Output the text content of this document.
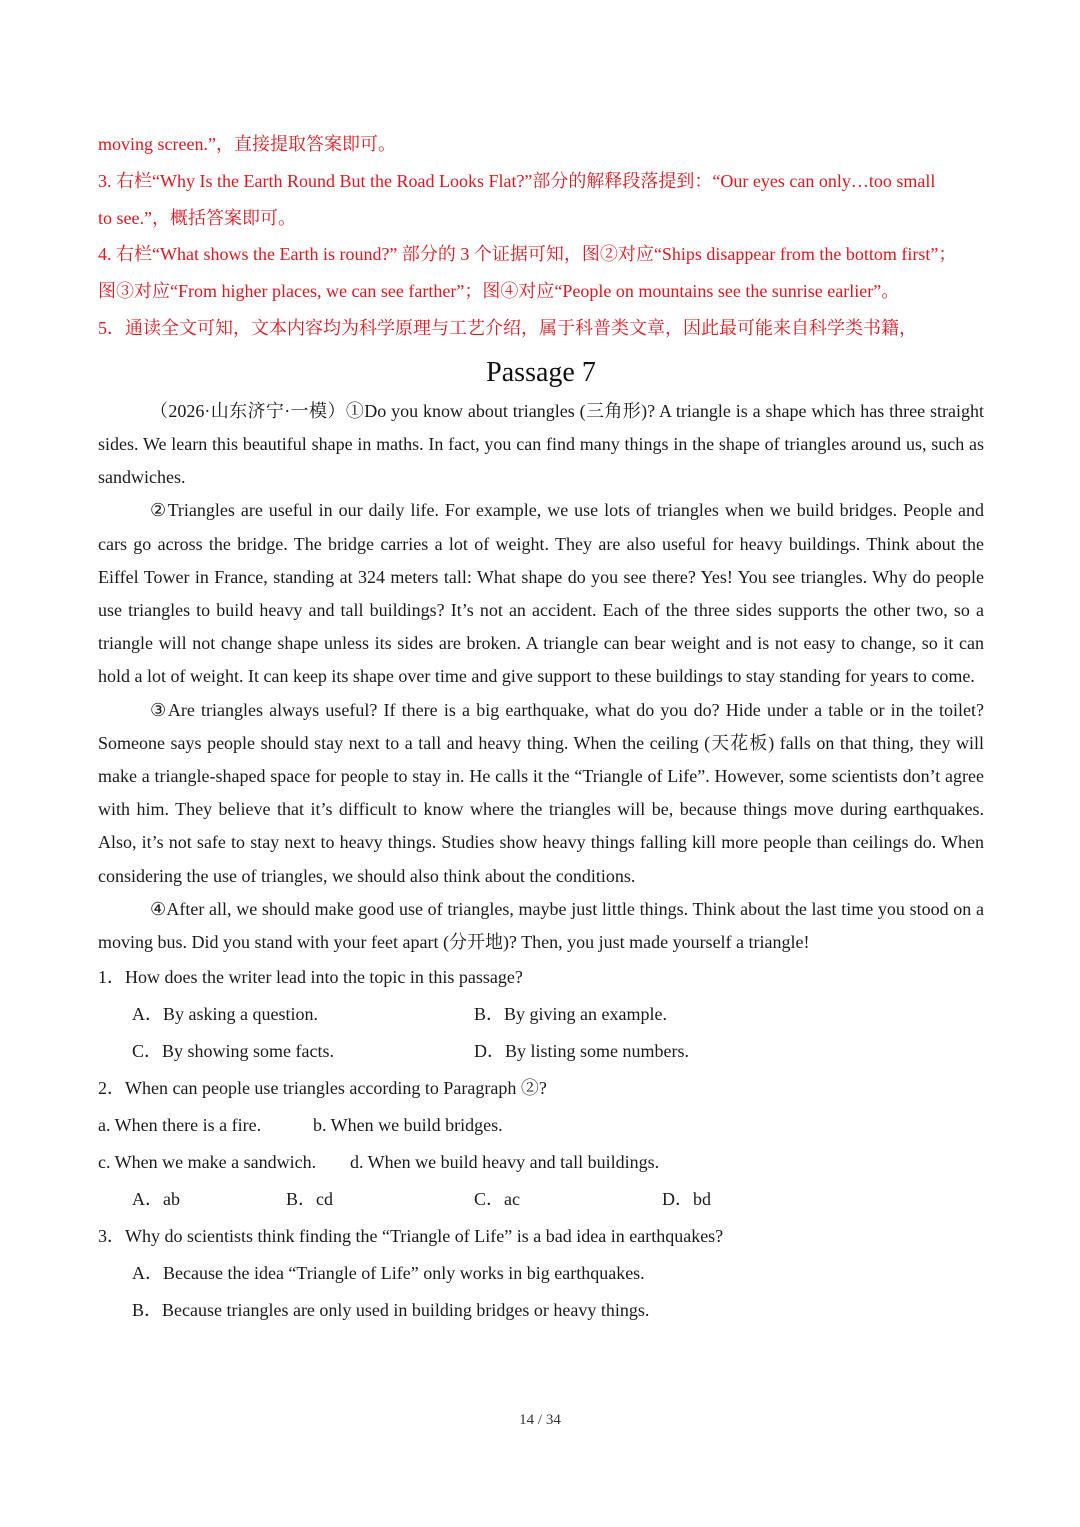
moving screen.”，直接提取答案即可。
3. 右栏“Why Is the Earth Round But the Road Looks Flat?”部分的解释段落提到：“Our eyes can only…too small
to see.”，概括答案即可。
4. 右栏“What shows the Earth is round?” 部分的 3 个证据可知，图②对应“Ships disappear from the bottom first”；
图③对应“From higher places, we can see farther”；图④对应“People on mountains see the sunrise earlier”。
5．通读全文可知，文本内容均为科学原理与工艺介绍，属于科普类文章，因此最可能来自科学类书籍，
Passage 7

（2026·山东济宁·一模）①Do you know about triangles (三角形)? A triangle is a shape which has three straight sides. We learn this beautiful shape in maths. In fact, you can find many things in the shape of triangles around us, such as sandwiches.

②Triangles are useful in our daily life. For example, we use lots of triangles when we build bridges. People and cars go across the bridge. The bridge carries a lot of weight. They are also useful for heavy buildings. Think about the Eiffel Tower in France, standing at 324 meters tall: What shape do you see there? Yes! You see triangles. Why do people use triangles to build heavy and tall buildings? It’s not an accident. Each of the three sides supports the other two, so a triangle will not change shape unless its sides are broken. A triangle can bear weight and is not easy to change, so it can hold a lot of weight. It can keep its shape over time and give support to these buildings to stay standing for years to come.

③Are triangles always useful? If there is a big earthquake, what do you do? Hide under a table or in the toilet? Someone says people should stay next to a tall and heavy thing. When the ceiling (天花板) falls on that thing, they will make a triangle-shaped space for people to stay in. He calls it the “Triangle of Life”. However, some scientists don’t agree with him. They believe that it’s difficult to know where the triangles will be, because things move during earthquakes. Also, it’s not safe to stay next to heavy things. Studies show heavy things falling kill more people than ceilings do. When considering the use of triangles, we should also think about the conditions.

④After all, we should make good use of triangles, maybe just little things. Think about the last time you stood on a moving bus. Did you stand with your feet apart (分开地)? Then, you just made yourself a triangle!

1．How does the writer lead into the topic in this passage?
A．By asking a question.	B．By giving an example.
C．By showing some facts.	D．By listing some numbers.
2．When can people use triangles according to Paragraph ②?
a. When there is a fire.	b. When we build bridges.
c. When we make a sandwich. d. When we build heavy and tall buildings.
A．ab	B．cd	C．ac	D．bd
3．Why do scientists think finding the “Triangle of Life” is a bad idea in earthquakes?
A．Because the idea “Triangle of Life” only works in big earthquakes.
B．Because triangles are only used in building bridges or heavy things.
14 / 34
